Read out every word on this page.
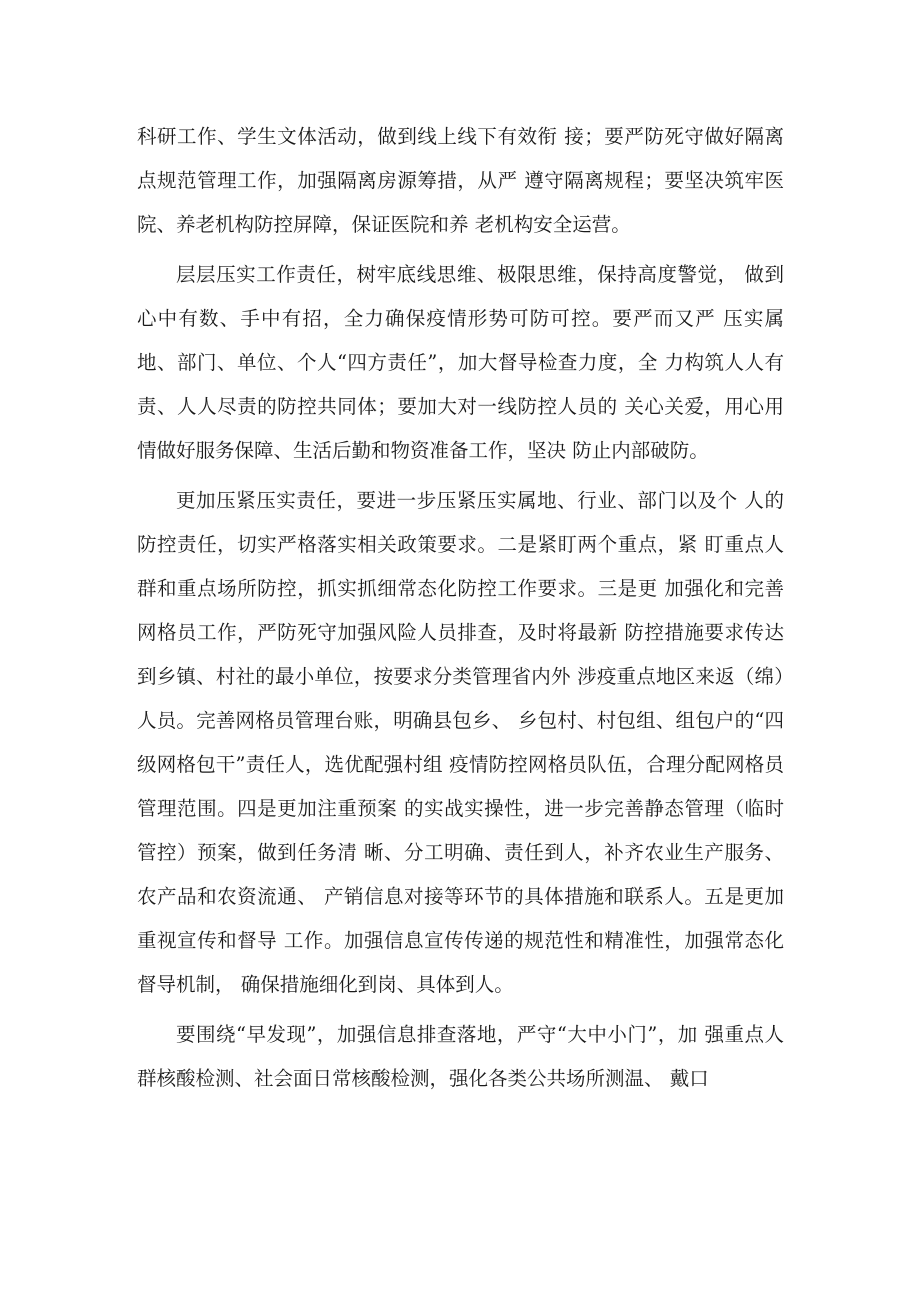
科研工作、学生文体活动，做到线上线下有效衔 接；要严防死守做好隔离点规范管理工作，加强隔离房源筹措，从严 遵守隔离规程；要坚决筑牢医院、养老机构防控屏障，保证医院和养 老机构安全运营。

层层压实工作责任，树牢底线思维、极限思维，保持高度警觉， 做到心中有数、手中有招，全力确保疫情形势可防可控。要严而又严 压实属地、部门、单位、个人“四方责任”，加大督导检查力度，全 力构筑人人有责、人人尽责的防控共同体；要加大对一线防控人员的 关心关爱，用心用情做好服务保障、生活后勤和物资准备工作，坚决 防止内部破防。

更加压紧压实责任，要进一步压紧压实属地、行业、部门以及个 人的防控责任，切实严格落实相关政策要求。二是紧盯两个重点，紧 盯重点人群和重点场所防控，抓实抓细常态化防控工作要求。三是更 加强化和完善网格员工作，严防死守加强风险人员排查，及时将最新 防控措施要求传达到乡镇、村社的最小单位，按要求分类管理省内外 涉疫重点地区来返（绵）人员。完善网格员管理台账，明确县包乡、 乡包村、村包组、组包户的“四级网格包干”责任人，选优配强村组 疫情防控网格员队伍，合理分配网格员管理范围。四是更加注重预案 的实战实操性，进一步完善静态管理（临时管控）预案，做到任务清 晰、分工明确、责任到人，补齐农业生产服务、农产品和农资流通、 产销信息对接等环节的具体措施和联系人。五是更加重视宣传和督导 工作。加强信息宣传传递的规范性和精准性，加强常态化督导机制， 确保措施细化到岗、具体到人。

要围绕“早发现”，加强信息排查落地，严守“大中小门”，加 强重点人群核酸检测、社会面日常核酸检测，强化各类公共场所测温、 戴口
